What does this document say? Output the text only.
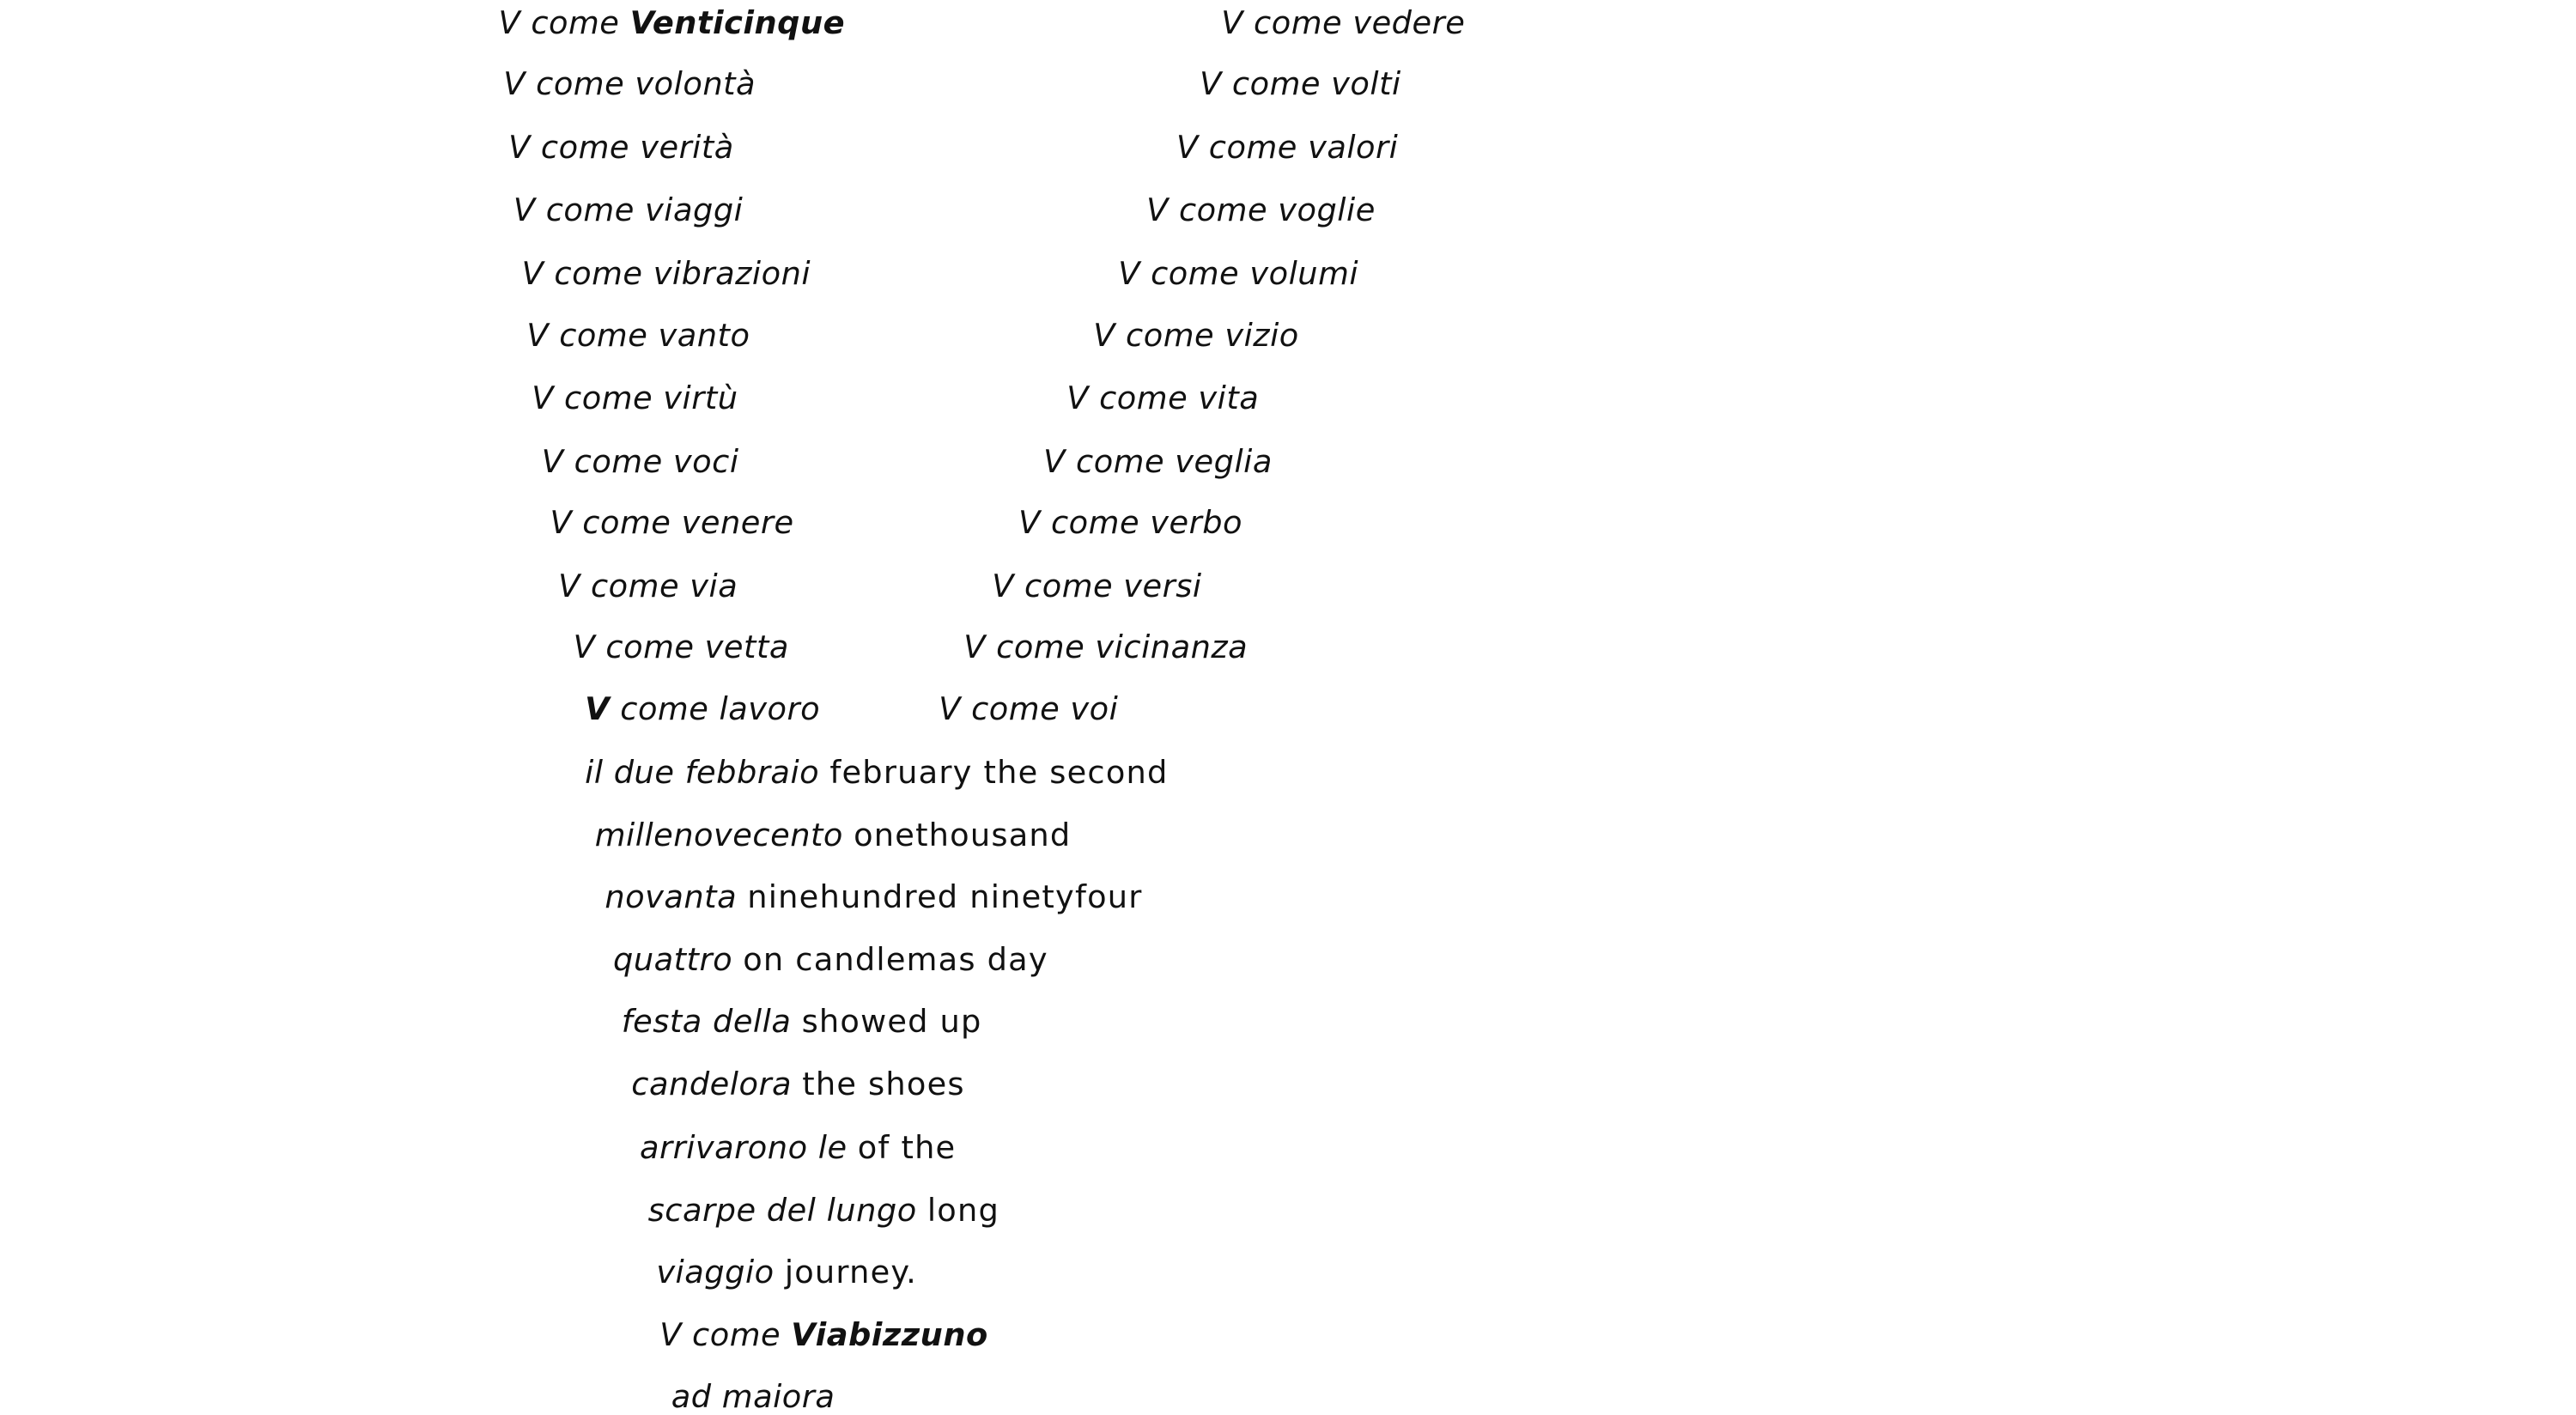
V come Venticinque
V come volontà
V come verità
V come viaggi
V come vibrazioni
V come vanto
V come virtù
V come voci
V come venere
V come via
V come vetta
V come lavoro
V come vedere
V come volti
V come valori
V come voglie
V come volumi
V come vizio
V come vita
V come veglia
V come verbo
V come versi
V come vicinanza
V come voi
il due febbraio february the second
millenovecento onethousand
novanta ninehundred ninetyfour
quattro on candlemas day
festa della showed up
candelora the shoes
arrivarono le of the
scarpe del lungo long
viaggio journey.
V come Viabizzuno
ad maiora
